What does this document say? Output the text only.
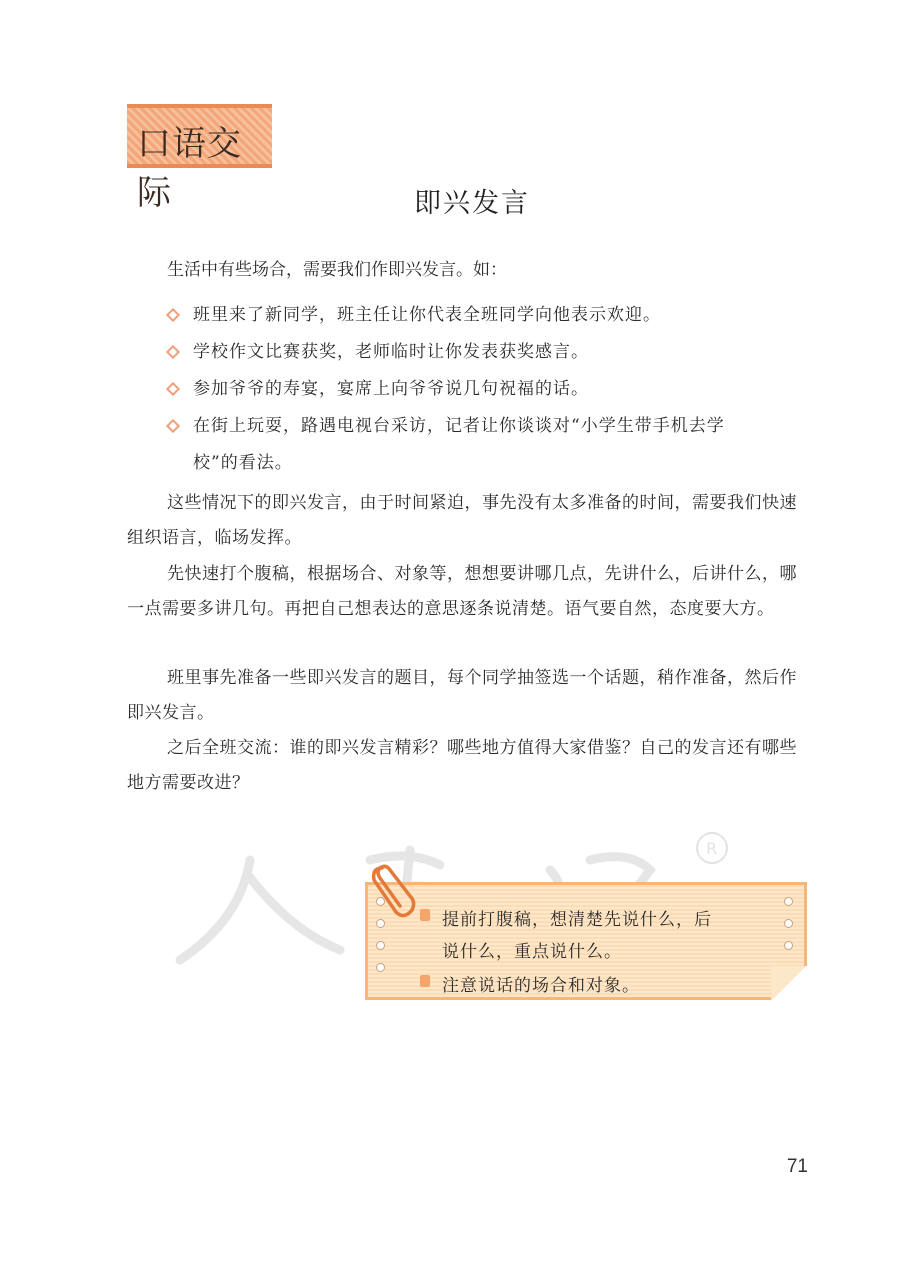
口语交际	即兴发言
生活中有些场合，需要我们作即兴发言。如：
班里来了新同学，班主任让你代表全班同学向他表示欢迎。
学校作文比赛获奖，老师临时让你发表获奖感言。
参加爷爷的寿宴，宴席上向爷爷说几句祝福的话。
在街上玩耍，路遇电视台采访，记者让你谈谈对“小学生带手机去学
校”的看法。
这些情况下的即兴发言，由于时间紧迫，事先没有太多准备的时间，需要我们快速组织语言，临场发挥。
先快速打个腹稿，根据场合、对象等，想想要讲哪几点，先讲什么，后讲什么，哪一点需要多讲几句。再把自己想表达的意思逐条说清楚。语气要自然，态度要大方。
班里事先准备一些即兴发言的题目，每个同学抽签选一个话题，稍作准备，然后作即兴发言。
之后全班交流：谁的即兴发言精彩？哪些地方值得大家借鉴？自己的发言还有哪些地方需要改进？
R
提前打腹稿，想清楚先说什么，后
说什么，重点说什么。
注意说话的场合和对象。
71
